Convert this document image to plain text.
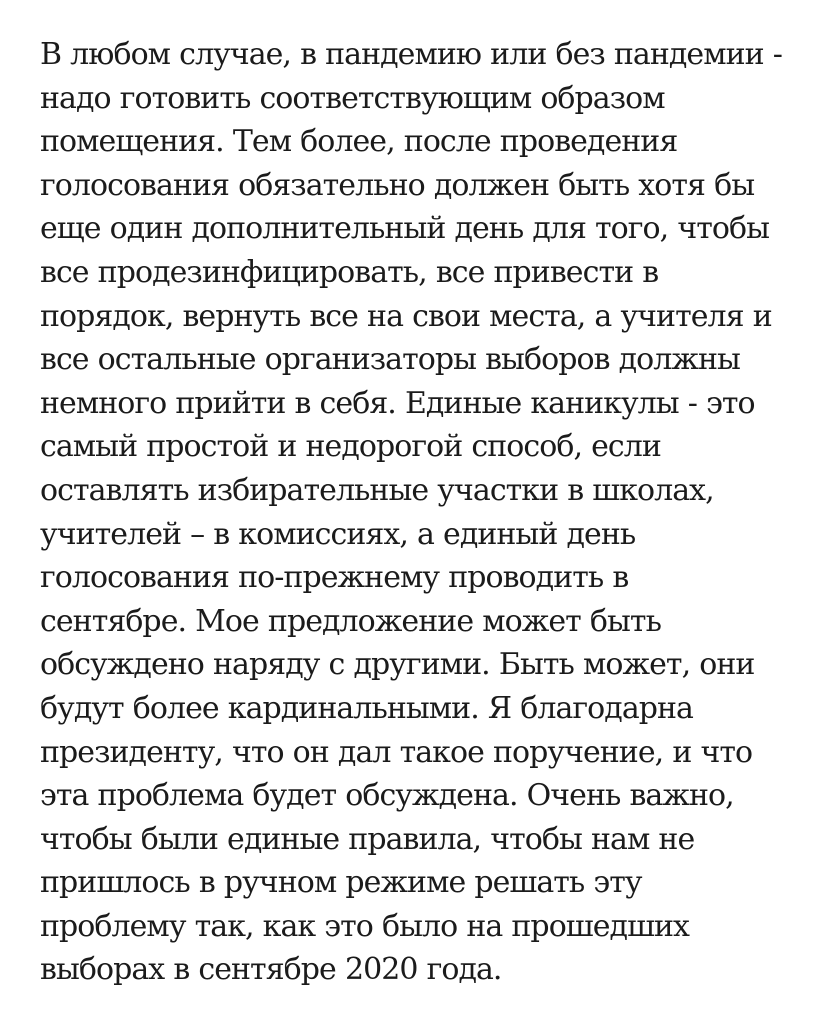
В любом случае, в пандемию или без пандемии -
надо готовить соответствующим образом
помещения. Тем более, после проведения
голосования обязательно должен быть хотя бы
еще один дополнительный день для того, чтобы
все продезинфицировать, все привести в
порядок, вернуть все на свои места, а учителя и
все остальные организаторы выборов должны
немного прийти в себя. Единые каникулы - это
самый простой и недорогой способ, если
оставлять избирательные участки в школах,
учителей – в комиссиях, а единый день
голосования по-прежнему проводить в
сентябре. Мое предложение может быть
обсуждено наряду с другими. Быть может, они
будут более кардинальными. Я благодарна
президенту, что он дал такое поручение, и что
эта проблема будет обсуждена. Очень важно,
чтобы были единые правила, чтобы нам не
пришлось в ручном режиме решать эту
проблему так, как это было на прошедших
выборах в сентябре 2020 года.
